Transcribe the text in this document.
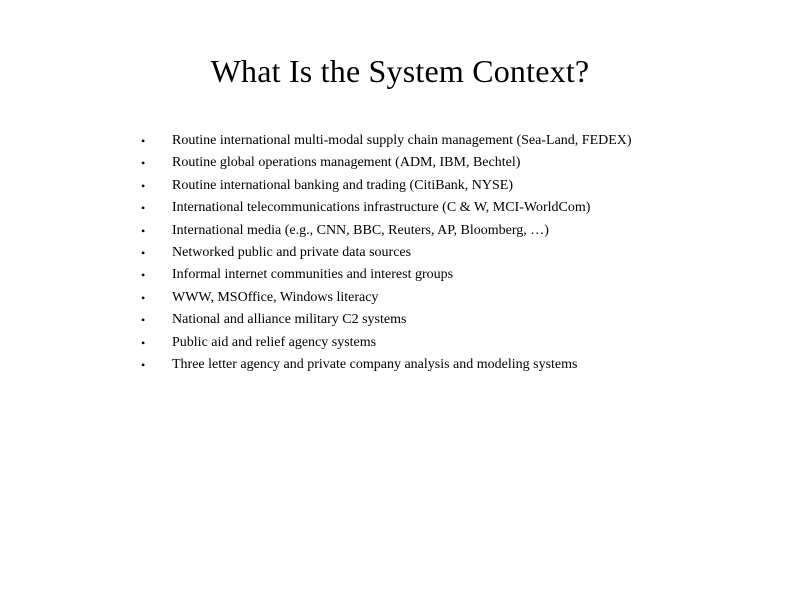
What Is the System Context?
• Routine international multi-modal supply chain management (Sea-Land, FEDEX)
• Routine global operations management (ADM, IBM, Bechtel)
• Routine international banking and trading (CitiBank, NYSE)
• International telecommunications infrastructure (C & W, MCI-WorldCom)
• International media (e.g., CNN, BBC, Reuters, AP, Bloomberg, …)
• Networked public and private data sources
• Informal internet communities and interest groups
• WWW, MSOffice, Windows literacy
• National and alliance military C2 systems
• Public aid and relief agency systems
• Three letter agency and private company analysis and modeling systems
